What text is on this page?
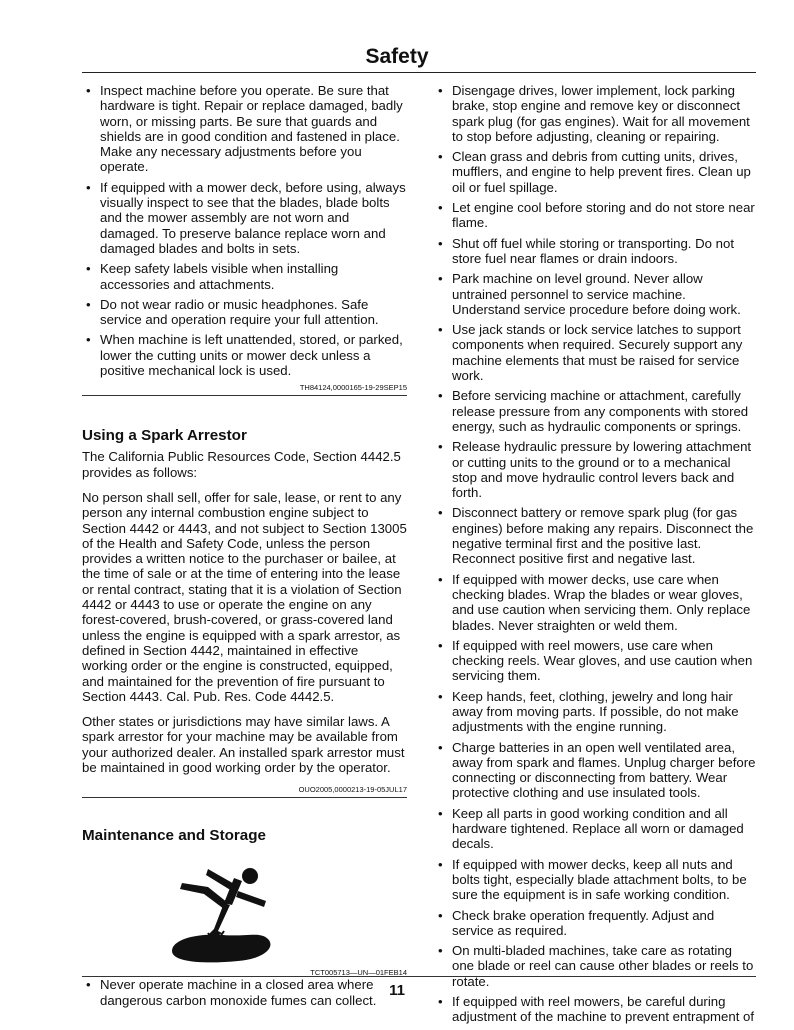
Safety
• Inspect machine before you operate. Be sure that hardware is tight. Repair or replace damaged, badly worn, or missing parts. Be sure that guards and shields are in good condition and fastened in place. Make any necessary adjustments before you operate.
• If equipped with a mower deck, before using, always visually inspect to see that the blades, blade bolts and the mower assembly are not worn and damaged. To preserve balance replace worn and damaged blades and bolts in sets.
• Keep safety labels visible when installing accessories and attachments.
• Do not wear radio or music headphones. Safe service and operation require your full attention.
• When machine is left unattended, stored, or parked, lower the cutting units or mower deck unless a positive mechanical lock is used.
TH84124,0000165-19-29SEP15
Using a Spark Arrestor

The California Public Resources Code, Section 4442.5 provides as follows:

No person shall sell, offer for sale, lease, or rent to any person any internal combustion engine subject to Section 4442 or 4443, and not subject to Section 13005 of the Health and Safety Code, unless the person provides a written notice to the purchaser or bailee, at the time of sale or at the time of entering into the lease or rental contract, stating that it is a violation of Section 4442 or 4443 to use or operate the engine on any forest-covered, brush-covered, or grass-covered land unless the engine is equipped with a spark arrestor, as defined in Section 4442, maintained in effective working order or the engine is constructed, equipped, and maintained for the prevention of fire pursuant to Section 4443. Cal. Pub. Res. Code 4442.5.

Other states or jurisdictions may have similar laws. A spark arrestor for your machine may be available from your authorized dealer. An installed spark arrestor must be maintained in good working order by the operator.

OUO2005,0000213-19-05JUL17
Maintenance and Storage
TCT005713—UN—01FEB14
• Never operate machine in a closed area where dangerous carbon monoxide fumes can collect.
• Disengage drives, lower implement, lock parking brake, stop engine and remove key or disconnect spark plug (for gas engines). Wait for all movement to stop before adjusting, cleaning or repairing.
• Clean grass and debris from cutting units, drives, mufflers, and engine to help prevent fires. Clean up oil or fuel spillage.
• Let engine cool before storing and do not store near flame.
• Shut off fuel while storing or transporting. Do not store fuel near flames or drain indoors.
• Park machine on level ground. Never allow untrained personnel to service machine. Understand service procedure before doing work.
• Use jack stands or lock service latches to support components when required. Securely support any machine elements that must be raised for service work.
• Before servicing machine or attachment, carefully release pressure from any components with stored energy, such as hydraulic components or springs.
• Release hydraulic pressure by lowering attachment or cutting units to the ground or to a mechanical stop and move hydraulic control levers back and forth.
• Disconnect battery or remove spark plug (for gas engines) before making any repairs. Disconnect the negative terminal first and the positive last. Reconnect positive first and negative last.
• If equipped with mower decks, use care when checking blades. Wrap the blades or wear gloves, and use caution when servicing them. Only replace blades. Never straighten or weld them.
• If equipped with reel mowers, use care when checking reels. Wear gloves, and use caution when servicing them.
• Keep hands, feet, clothing, jewelry and long hair away from moving parts. If possible, do not make adjustments with the engine running.
• Charge batteries in an open well ventilated area, away from spark and flames. Unplug charger before connecting or disconnecting from battery. Wear protective clothing and use insulated tools.
• Keep all parts in good working condition and all hardware tightened. Replace all worn or damaged decals.
• If equipped with mower decks, keep all nuts and bolts tight, especially blade attachment bolts, to be sure the equipment is in safe working condition.
• Check brake operation frequently. Adjust and service as required.
• On multi-bladed machines, take care as rotating one blade or reel can cause other blades or reels to rotate.
• If equipped with reel mowers, be careful during adjustment of the machine to prevent entrapment of
11
